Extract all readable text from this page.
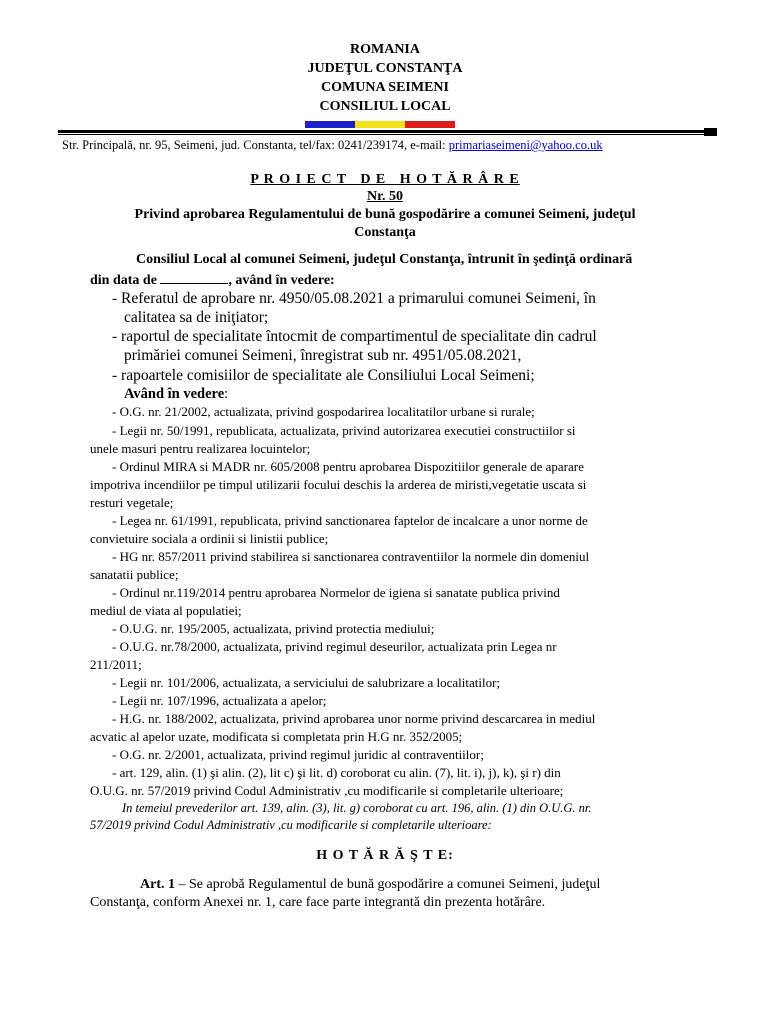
ROMANIA
JUDEŢUL CONSTANŢA
COMUNA SEIMENI
CONSILIUL LOCAL
Str. Principală, nr. 95, Seimeni, jud. Constanta, tel/fax: 0241/239174, e-mail: primariaseimeni@yahoo.co.uk
P R O I E C T   D E   H O T Ă R Â R E
Nr. 50
Privind aprobarea Regulamentului de bună gospodărire a comunei Seimeni, judeţul
Constanţa
Consiliul Local al comunei Seimeni, judeţul Constanţa, întrunit în şedinţă ordinară
din data de	, având în vedere:
- Referatul de aprobare nr. 4950/05.08.2021 a primarului comunei Seimeni, în
calitatea sa de iniţiator;
- raportul de specialitate întocmit de compartimentul de specialitate din cadrul
primăriei comunei Seimeni, înregistrat sub nr. 4951/05.08.2021,
- rapoartele comisiilor de specialitate ale Consiliului Local Seimeni;
Având în vedere:
- O.G. nr. 21/2002, actualizata, privind gospodarirea localitatilor urbane si rurale;
- Legii nr. 50/1991, republicata, actualizata, privind autorizarea executiei constructiilor si
unele masuri pentru realizarea locuintelor;
- Ordinul MIRA si MADR nr. 605/2008 pentru aprobarea Dispozitiilor generale de aparare
impotriva incendiilor pe timpul utilizarii focului deschis la arderea de miristi,vegetatie uscata si
resturi vegetale;
- Legea nr. 61/1991, republicata, privind sanctionarea faptelor de incalcare a unor norme de
convietuire sociala a ordinii si linistii publice;
- HG nr. 857/2011 privind stabilirea si sanctionarea contraventiilor la normele din domeniul
sanatatii publice;
- Ordinul nr.119/2014 pentru aprobarea Normelor de igiena si sanatate publica privind
mediul de viata al populatiei;
- O.U.G. nr. 195/2005, actualizata, privind protectia mediului;
- O.U.G. nr.78/2000, actualizata, privind regimul deseurilor, actualizata prin Legea nr
211/2011;
- Legii nr. 101/2006, actualizata, a serviciului de salubrizare a localitatilor;
- Legii nr. 107/1996, actualizata a apelor;
- H.G. nr. 188/2002, actualizata, privind aprobarea unor norme privind descarcarea in mediul
acvatic al apelor uzate, modificata si completata prin H.G nr. 352/2005;
- O.G. nr. 2/2001, actualizata, privind regimul juridic al contraventiilor;
- art. 129, alin. (1) şi alin. (2), lit c) şi lit. d) coroborat cu alin. (7), lit. i), j), k), şi r) din
O.U.G. nr. 57/2019 privind Codul Administrativ ,cu modificarile si completarile ulterioare;
In temeiul prevederilor art. 139, alin. (3), lit. g) coroborat cu art. 196, alin. (1) din O.U.G. nr.
57/2019 privind Codul Administrativ ,cu modificarile si completarile ulterioare:
H O T Ă R Ă Ş T E:
Art. 1 – Se aprobă Regulamentul de bună gospodărire a comunei Seimeni, judeţul
Constanţa, conform Anexei nr. 1, care face parte integrantă din prezenta hotărâre.
